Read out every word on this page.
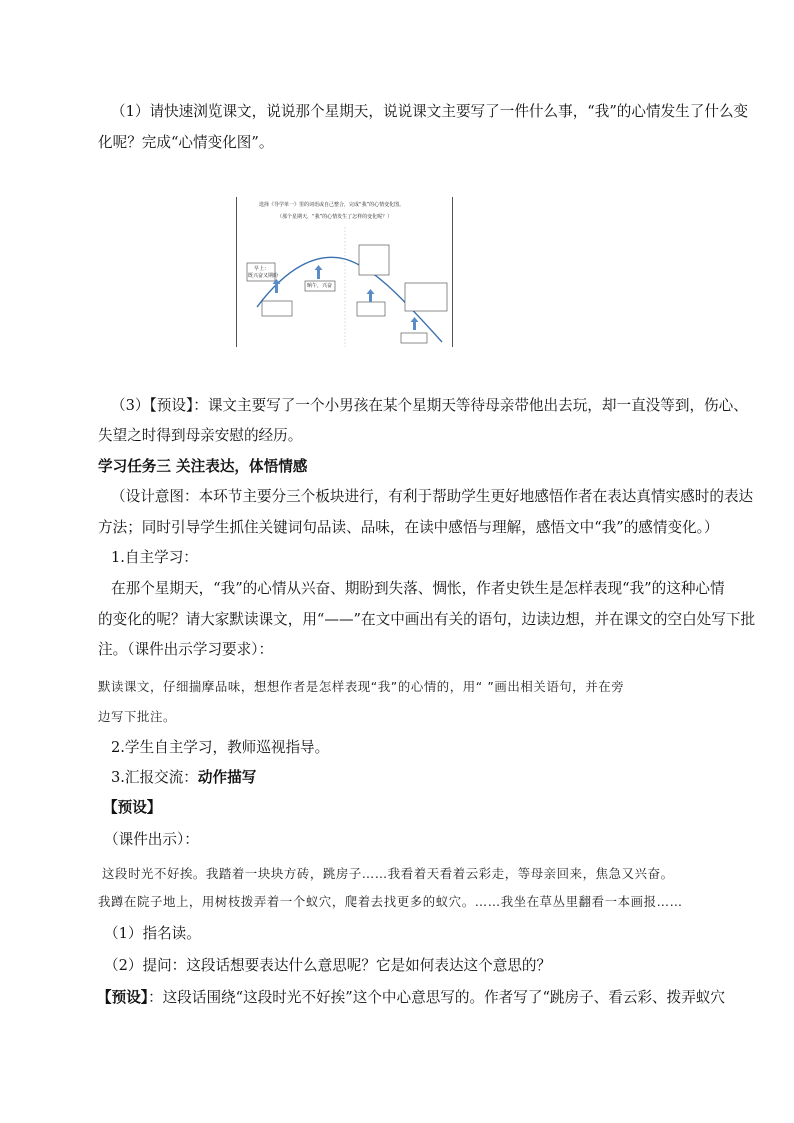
（1）请快速浏览课文，说说那个星期天，说说课文主要写了一件什么事，“我”的心情发生了什么变

化呢？完成“心情变化图”。

选择《导学单一》里的词语或自己整合，完成“我”的心情变化图。
（那个星期天，“我”的心情发生了怎样的变化呢？）
早上：
既兴奋又期盼
晌午，兴奋

（3）【预设】：课文主要写了一个小男孩在某个星期天等待母亲带他出去玩，却一直没等到，伤心、

失望之时得到母亲安慰的经历。

学习任务三 关注表达，体悟情感

（设计意图：本环节主要分三个板块进行，有利于帮助学生更好地感悟作者在表达真情实感时的表达

方法；同时引导学生抓住关键词句品读、品味，在读中感悟与理解，感悟文中“我”的感情变化。）

1.自主学习：

在那个星期天，“我”的心情从兴奋、期盼到失落、惆怅，作者史铁生是怎样表现“我”的这种心情

的变化的呢？请大家默读课文，用“——”在文中画出有关的语句，边读边想，并在课文的空白处写下批

注。（课件出示学习要求）：

默读课文，仔细揣摩品味，想想作者是怎样表现“我”的心情的，用“ ”画出相关语句，并在旁

边写下批注。

2.学生自主学习，教师巡视指导。

3.汇报交流：动作描写

【预设】

（课件出示）：

这段时光不好挨。我踏着一块块方砖，跳房子……我看着天看着云彩走，等母亲回来，焦急又兴奋。

我蹲在院子地上，用树枝拨弄着一个蚁穴，爬着去找更多的蚁穴。……我坐在草丛里翻看一本画报……

（1）指名读。

（2）提问：这段话想要表达什么意思呢？它是如何表达这个意思的？

【预设】：这段话围绕“这段时光不好挨”这个中心意思写的。作者写了“跳房子、看云彩、拨弄蚁穴
